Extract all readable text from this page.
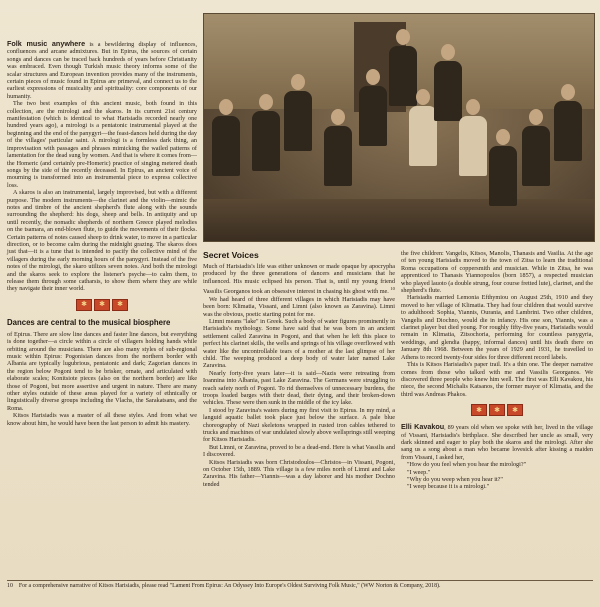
Folk music anywhere is a bewildering display of influences, confluences and arcane admixtures. But in Epirus, the sources of certain songs and dances can be traced back hundreds of years before Christianity was embraced. Even though Turkish music theory informs some of the scalar structures and European invention provides many of the instruments, certain pieces of music found in Epirus are primeval, and connect us to the earliest expressions of musicality and spirituality: core components of our humanity.

The two best examples of this ancient music, both found in this collection, are the mirologi and the skaros. In its current 21st century manifestation (which is identical to what Harisiadis recorded nearly one hundred years ago), a mirologi is a pentatonic instrumental played at the beginning and the end of the panygyri—the feast-dances held during the day of the villages' particular saint. A mirologi is a formless dark thing, an improvisation with passages and phrases mimicking the wailed patterns of lamentation for the dead sung by women. And that is where it comes from—the Homeric (and certainly pre-Homeric) practice of singing metered death songs by the side of the recently deceased. In Epirus, an ancient voice of mourning is transformed into an instrumental piece to express collective loss.

A skaros is also an instrumental, largely improvised, but with a different purpose. The modern instruments—the clarinet and the violin—mimic the notes and timbre of the ancient shepherd's flute along with the sounds surrounding the shepherd: his dogs, sheep and bells. In antiquity and up until recently, the nomadic shepherds of northern Greece played melodies on the tsamara, an end-blown flute, to guide the movements of their flocks. Certain patterns of notes caused sheep to drink water, to move in a particular direction, or to become calm during the midnight grazing. The skaros does just that—it is a tune that is intended to pacify the collective mind of the villagers during the early morning hours of the panygyri. Instead of the five notes of the mirologi, the skaro utilizes seven notes. And both the mirologi and the skaros seek to explore the listener's psyche—to calm them, to release them through some catharsis, to show them where they are while they navigate their inner world.

✱	✱	✱
Dances are central to the musical biosphere

of Epirus. There are slow line dances and faster line dances, but everything is done together—a circle within a circle of villagers holding hands while orbiting around the musicians. There are also many styles of sub-regional music within Epirus: Pogonisian dances from the northern border with Albania are typically lugubrious, pentatonic and dark; Zagorian dances in the region below Pogoni tend to be brisker, ornate, and articulated with elaborate scales; Konitsiote pieces (also on the northern border) are like those of Pogoni, but more assertive and urgent in nature. There are many other styles outside of these areas played for a variety of ethnically or linguistically diverse groups including the Vlachs, the Sarakatsans, and the Roma.

Kitsos Harisiadis was a master of all these styles. And from what we know about him, he would have been the last person to admit his mastery.

Secret Voices

Much of Harisiadis's life was either unknown or made opaque by apocrypha produced by the three generations of dancers and musicians that he influenced. His music eclipsed his person. That is, until my young friend Vassilis Georganos took an obsessive interest in chasing his ghost with me. $^{10}$

We had heard of three different villages in which Harisiadis may have been born: Klimatia, Vissani, and Limni (also known as Zaravina). Limni was the obvious, poetic starting point for me.

Limni means "lake" in Greek. Such a body of water figures prominently in Harisiadis's mythology. Some have said that he was born in an ancient settlement called Zaravina in Pogoni, and that when he left this place to perfect his clarinet skills, the wells and springs of his village overflowed with water like the uncontrollable tears of a mother at the last glimpse of her child. The weeping produced a deep body of water later named Lake Zaravina.

Nearly forty-five years later—it is said—Nazis were retreating from Ioannina into Albania, past Lake Zaravina. The Germans were struggling to reach safety north of Pogoni. To rid themselves of unnecessary burdens, the troops loaded barges with their dead, their dying, and their broken-down vehicles. These were then sunk in the middle of the icy lake.

I stood by Zaravina's waters during my first visit to Epirus. In my mind, a languid aquatic ballet took place just below the surface. A pale blue choreography of Nazi skeletons wrapped in rusted iron cables tethered to trucks and machines of war undulated slowly above wellsprings still weeping for Kitsos Harisiadis.

But Limni, or Zaravina, proved to be a dead-end. Here is what Vassilis and I discovered.

Kitsos Harisiadis was born Christodoulos—Christos—in Vissani, Pogoni, on October 15th, 1889. This village is a few miles north of Limni and Lake Zaravina. His father—Yiannis—was a day laborer and his mother Dochno tended

the five children: Vangelis, Kitsos, Manolis, Thanasis and Vasilia. At the age of ten young Harisiadis moved to the town of Zitsa to learn the traditional Roma occupations of coppersmith and musician. While in Zitsa, he was apprenticed to Thanasis Yiannopoulos (born 1857), a respected musician who played lauoto (a double strung, four course fretted lute), clarinet, and the shepherd's flute.

Harisiadis married Lemonia Efthymiou on August 25th, 1910 and they moved to her village of Klimatia. They had four children that would survive to adulthood: Sophia, Yiannis, Ourania, and Lambrini. Two other children, Vangelis and Diochno, would die in infancy. His one son, Yiannis, was a clarinet player but died young. For roughly fifty-five years, Harisiadis would remain in Klimatia, Zitsochoria, performing for countless panygyria, weddings, and glendia (happy, informal dances) until his death there on January 8th 1968. Between the years of 1929 and 1931, he travelled to Athens to record twenty-four sides for three different record labels.

This is Kitsos Harisiadis's paper trail. It's a thin one. The deeper narrative comes from those who talked with me and Vassilis Georganos. We discovered three people who knew him well. The first was Elli Kavakou, his niece, the second Michalis Katsanos, the former mayor of Klimatia, and the third was Andreas Phakos.

✱	✱	✱

Elli Kavakou, 89 years old when we spoke with her, lived in the village of Vissani, Harisiadis's birthplace. She described her uncle as small, very dark skinned and eager to play both the skaros and the mirologi. After she sang us a song about a man who became lovesick after kissing a maiden from Vissani, I asked her,

"How do you feel when you hear the mirologi?"

"I weep."

"Why do you weep when you hear it?"

"I weep because it is a mirologi."

10 For a comprehensive narrative of Kitsos Harisiadis, please read "Lament From Epirus: An Odyssey Into Europe's Oldest Surviving Folk Music," (WW Norton & Company, 2018).
